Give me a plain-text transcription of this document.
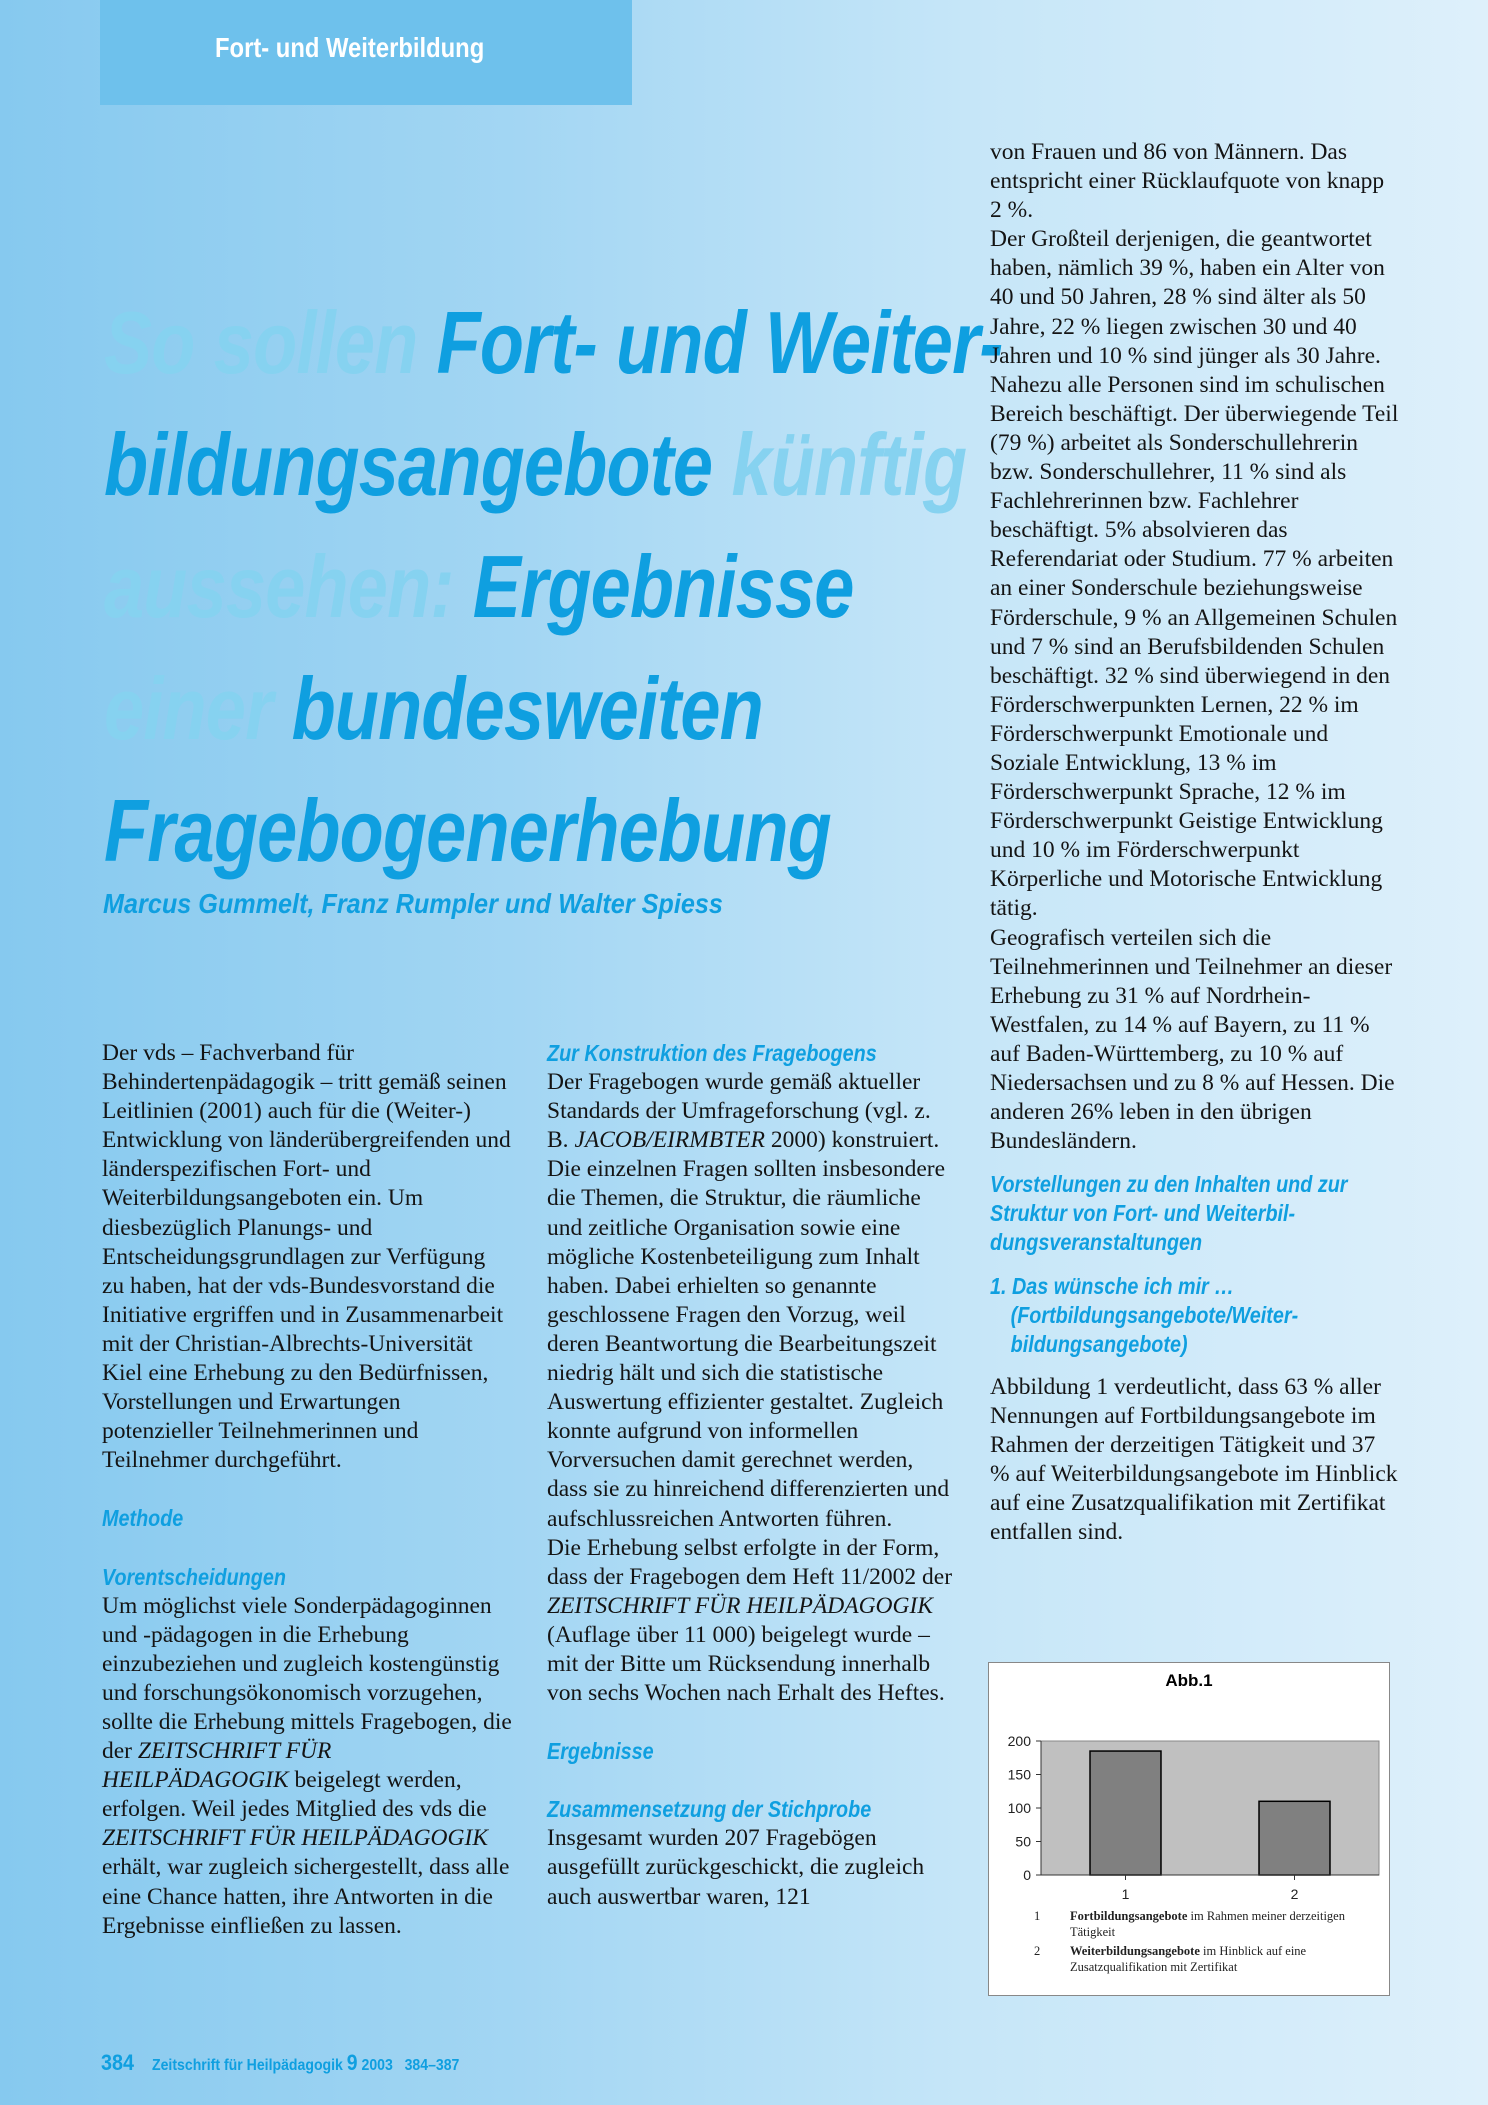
Fort- und Weiterbildung
So sollen Fort- und Weiter-
bildungsangebote künftig
aussehen: Ergebnisse
einer bundesweiten
Fragebogenerhebung
Marcus Gummelt, Franz Rumpler und Walter Spiess

Der vds – Fachverband für Behindertenpädagogik – tritt gemäß seinen Leitlinien (2001) auch für die (Weiter-) Entwicklung von länderübergreifenden und länderspezifischen Fort- und Weiterbildungsangeboten ein. Um diesbezüglich Planungs- und Entscheidungsgrundlagen zur Verfügung zu haben, hat der vds-Bundesvorstand die Initiative ergriffen und in Zusammenarbeit mit der Christian-Albrechts-Universität Kiel eine Erhebung zu den Bedürfnissen, Vorstellungen und Erwartungen potenzieller Teilnehmerinnen und Teilnehmer durchgeführt.

Methode
Vorentscheidungen

Um möglichst viele Sonderpädagoginnen und -pädagogen in die Erhebung einzubeziehen und zugleich kostengünstig und forschungsökonomisch vorzugehen, sollte die Erhebung mittels Fragebogen, die der ZEITSCHRIFT FÜR HEILPÄDAGOGIK beigelegt werden, erfolgen. Weil jedes Mitglied des vds die ZEITSCHRIFT FÜR HEILPÄDAGOGIK erhält, war zugleich sichergestellt, dass alle eine Chance hatten, ihre Antworten in die Ergebnisse einfließen zu lassen.

Zur Konstruktion des Fragebogens

Der Fragebogen wurde gemäß aktueller Standards der Umfrageforschung (vgl. z. B. JACOB/EIRMBTER 2000) konstruiert. Die einzelnen Fragen sollten insbesondere die Themen, die Struktur, die räumliche und zeitliche Organisation sowie eine mögliche Kostenbeteiligung zum Inhalt haben. Dabei erhielten so genannte geschlossene Fragen den Vorzug, weil deren Beantwortung die Bearbeitungszeit niedrig hält und sich die statistische Auswertung effizienter gestaltet. Zugleich konnte aufgrund von informellen Vorversuchen damit gerechnet werden, dass sie zu hinreichend differenzierten und aufschlussreichen Antworten führen.

Die Erhebung selbst erfolgte in der Form, dass der Fragebogen dem Heft 11/2002 der ZEITSCHRIFT FÜR HEILPÄDAGOGIK (Auflage über 11 000) beigelegt wurde – mit der Bitte um Rücksendung innerhalb von sechs Wochen nach Erhalt des Heftes.

Ergebnisse
Zusammensetzung der Stichprobe

Insgesamt wurden 207 Fragebögen ausgefüllt zurückgeschickt, die zugleich auch auswertbar waren, 121

von Frauen und 86 von Männern. Das entspricht einer Rücklaufquote von knapp 2 %.

Der Großteil derjenigen, die geantwortet haben, nämlich 39 %, haben ein Alter von 40 und 50 Jahren, 28 % sind älter als 50 Jahre, 22 % liegen zwischen 30 und 40 Jahren und 10 % sind jünger als 30 Jahre.

Nahezu alle Personen sind im schulischen Bereich beschäftigt. Der überwiegende Teil (79 %) arbeitet als Sonderschullehrerin bzw. Sonderschullehrer, 11 % sind als Fachlehrerinnen bzw. Fachlehrer beschäftigt. 5% absolvieren das Referendariat oder Studium. 77 % arbeiten an einer Sonderschule beziehungsweise Förderschule, 9 % an Allgemeinen Schulen und 7 % sind an Berufsbildenden Schulen beschäftigt. 32 % sind überwiegend in den Förderschwerpunkten Lernen, 22 % im Förderschwerpunkt Emotionale und Soziale Entwicklung, 13 % im Förderschwerpunkt Sprache, 12 % im Förderschwerpunkt Geistige Entwicklung und 10 % im Förderschwerpunkt Körperliche und Motorische Entwicklung tätig.

Geografisch verteilen sich die Teilnehmerinnen und Teilnehmer an dieser Erhebung zu 31 % auf Nordrhein-Westfalen, zu 14 % auf Bayern, zu 11 % auf Baden-Württemberg, zu 10 % auf Niedersachsen und zu 8 % auf Hessen. Die anderen 26% leben in den übrigen Bundesländern.

Vorstellungen zu den Inhalten und zur
Struktur von Fort- und Weiterbil-
dungsveranstaltungen
1. Das wünsche ich mir …
(Fortbildungsangebote/Weiter-
bildungsangebote)

Abbildung 1 verdeutlicht, dass 63 % aller Nennungen auf Fortbildungsangebote im Rahmen der derzeitigen Tätigkeit und 37 % auf Weiterbildungsangebote im Hinblick auf eine Zusatzqualifikation mit Zertifikat entfallen sind.

0
50
100
150
200
1	2
Abb.1
1 Fortbildungsangebote im Rahmen meiner derzeitigen Tätigkeit
2 Weiterbildungsangebote im Hinblick auf eine Zusatzqualifikation mit Zertifikat
384 Zeitschrift für Heilpädagogik 9 2003 384–387
